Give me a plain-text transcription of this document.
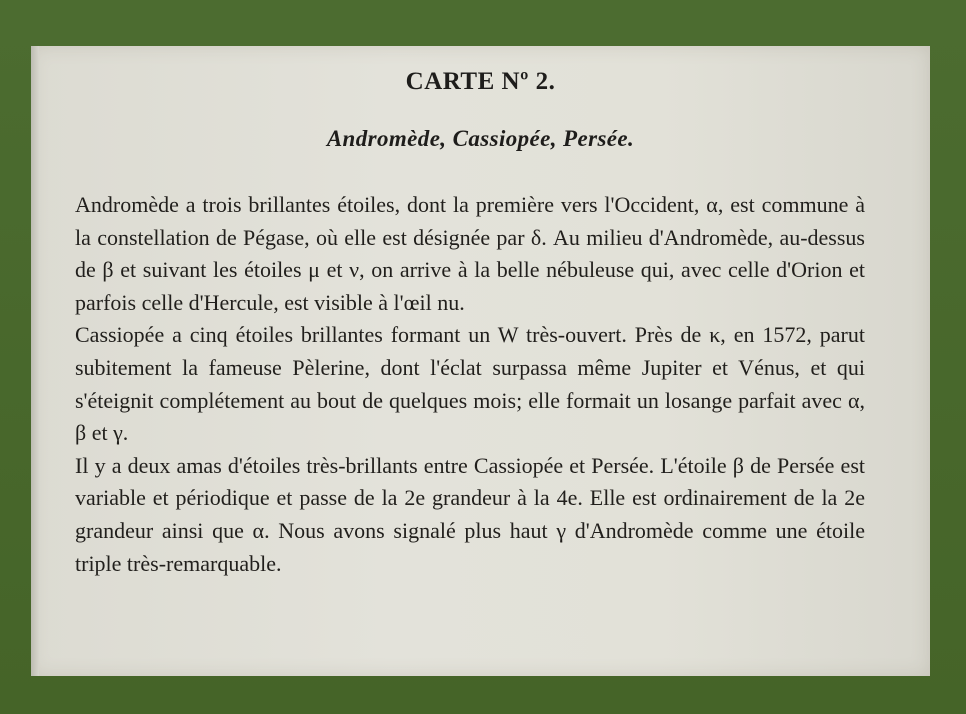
CARTE Nº 2.
Andromède, Cassiopée, Persée.

Andromède a trois brillantes étoiles, dont la première vers l'Occident, α, est commune à la constellation de Pégase, où elle est désignée par δ. Au milieu d'Andromède, au-dessus de β et suivant les étoiles μ et ν, on arrive à la belle nébuleuse qui, avec celle d'Orion et parfois celle d'Hercule, est visible à l'œil nu.

Cassiopée a cinq étoiles brillantes formant un W très-ouvert. Près de κ, en 1572, parut subitement la fameuse Pèlerine, dont l'éclat surpassa même Jupiter et Vénus, et qui s'éteignit complétement au bout de quelques mois; elle formait un losange parfait avec α, β et γ.

Il y a deux amas d'étoiles très-brillants entre Cassiopée et Persée. L'étoile β de Persée est variable et périodique et passe de la 2e grandeur à la 4e. Elle est ordinairement de la 2e grandeur ainsi que α. Nous avons signalé plus haut γ d'Andromède comme une étoile triple très-remarquable.
